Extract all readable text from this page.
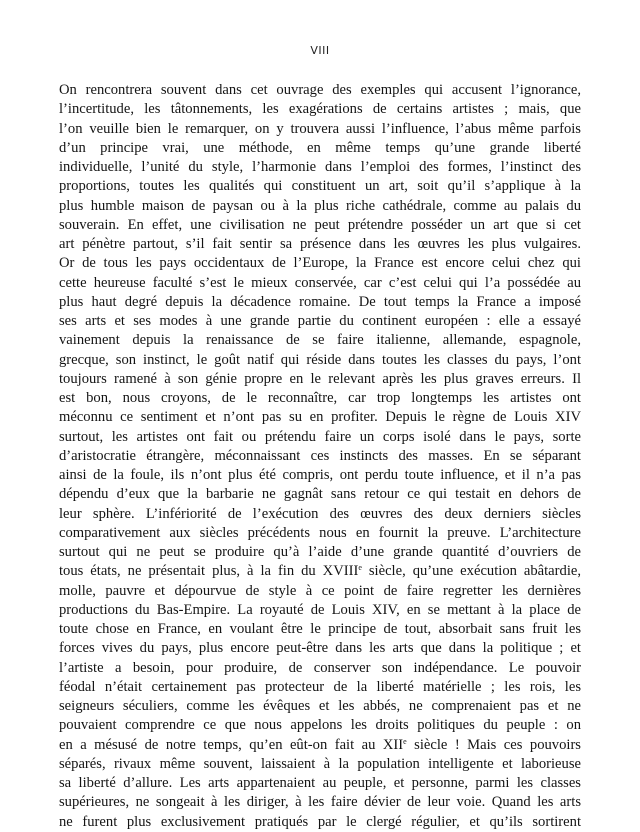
VIII
On rencontrera souvent dans cet ouvrage des exemples qui accusent l’ignorance,
l’incertitude, les tâtonnements, les exagérations de certains artistes ; mais, que
l’on veuille bien le remarquer, on y trouvera aussi l’influence, l’abus même parfois
d’un principe vrai, une méthode, en même temps qu’une grande liberté
individuelle, l’unité du style, l’harmonie dans l’emploi des formes, l’instinct des
proportions, toutes les qualités qui constituent un art, soit qu’il s’applique à la
plus humble maison de paysan ou à la plus riche cathédrale, comme au palais du
souverain. En effet, une civilisation ne peut prétendre posséder un art que si cet
art pénètre partout, s’il fait sentir sa présence dans les œuvres les plus vulgaires.
Or de tous les pays occidentaux de l’Europe, la France est encore celui chez qui
cette heureuse faculté s’est le mieux conservée, car c’est celui qui l’a possédée au
plus haut degré depuis la décadence romaine. De tout temps la France a imposé
ses arts et ses modes à une grande partie du continent européen : elle a essayé
vainement depuis la renaissance de se faire italienne, allemande, espagnole,
grecque, son instinct, le goût natif qui réside dans toutes les classes du pays, l’ont
toujours ramené à son génie propre en le relevant après les plus graves erreurs. Il
est bon, nous croyons, de le reconnaître, car trop longtemps les artistes ont
méconnu ce sentiment et n’ont pas su en profiter. Depuis le règne de Louis XIV
surtout, les artistes ont fait ou prétendu faire un corps isolé dans le pays, sorte
d’aristocratie étrangère, méconnaissant ces instincts des masses. En se séparant
ainsi de la foule, ils n’ont plus été compris, ont perdu toute influence, et il n’a pas
dépendu d’eux que la barbarie ne gagnât sans retour ce qui testait en dehors de
leur sphère. L’infériorité de l’exécution des œuvres des deux derniers siècles
comparativement aux siècles précédents nous en fournit la preuve. L’architecture
surtout qui ne peut se produire qu’à l’aide d’une grande quantité d’ouvriers de
tous états, ne présentait plus, à la fin du XVIIIe siècle, qu’une exécution abâtardie,
molle, pauvre et dépourvue de style à ce point de faire regretter les dernières
productions du Bas-Empire. La royauté de Louis XIV, en se mettant à la place de
toute chose en France, en voulant être le principe de tout, absorbait sans fruit les
forces vives du pays, plus encore peut-être dans les arts que dans la politique ; et
l’artiste a besoin, pour produire, de conserver son indépendance. Le pouvoir
féodal n’était certainement pas protecteur de la liberté matérielle ; les rois, les
seigneurs séculiers, comme les évêques et les abbés, ne comprenaient pas et ne
pouvaient comprendre ce que nous appelons les droits politiques du peuple : on
en a mésusé de notre temps, qu’en eût-on fait au XIIe siècle ! Mais ces pouvoirs
séparés, rivaux même souvent, laissaient à la population intelligente et laborieuse
sa liberté d’allure. Les arts appartenaient au peuple, et personne, parmi les classes
supérieures, ne songeait à les diriger, à les faire dévier de leur voie. Quand les arts
ne furent plus exclusivement pratiqués par le clergé régulier, et qu’ils sortirent
